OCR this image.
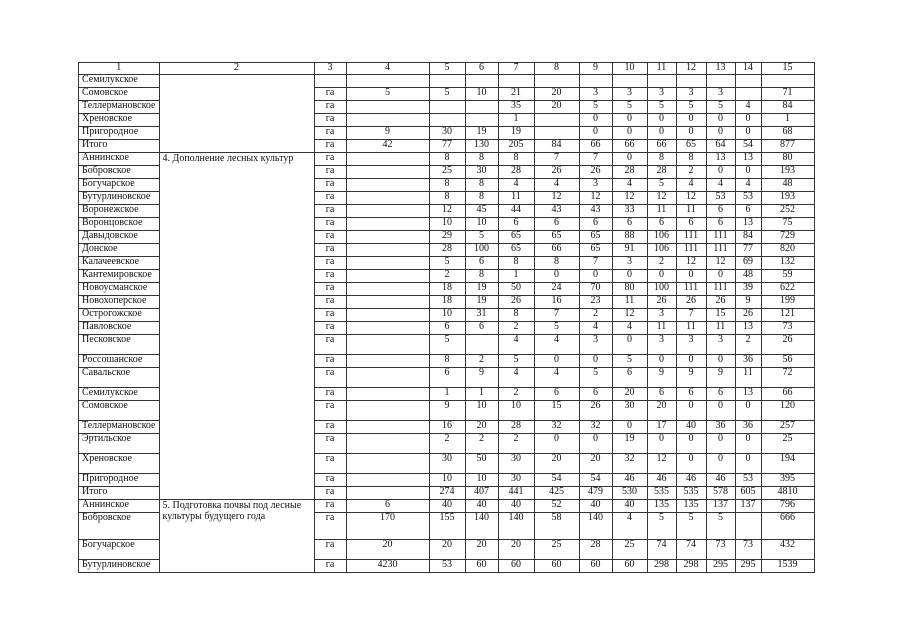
1	2	3	4	5	6	7	8	9	10	11	12	13	14	15
Семилукское														
Сомовское		га	5	5	10	21	20	3	3	3	3	3		71
Теллермановское		га				35	20	5	5	5	5	5	4	84
Хреновское		га				1		0	0	0	0	0	0	1
Пригородное		га	9	30	19	19		0	0	0	0	0	0	68
Итого		га	42	77	130	205	84	66	66	66	65	64	54	877
Аннинское	4. Дополнение лесных культур	га		8	8	8	7	7	0	8	8	13	13	80
Бобровское		га		25	30	28	26	26	28	28	2	0	0	193
Богучарское		га		8	8	4	4	3	4	5	4	4	4	48
Бутурлиновское		га		8	8	11	12	12	12	12	12	53	53	193
Воронежское		га		12	45	44	43	43	33	11	11	6	6	252
Воронцовское		га		10	10	6	6	6	6	6	6	6	13	75
Давыдовское		га		29	5	65	65	65	88	106	111	111	84	729
Донское		га		28	100	65	66	65	91	106	111	111	77	820
Калачеевское		га		5	6	8	8	7	3	2	12	12	69	132
Кантемировское		га		2	8	1	0	0	0	0	0	0	48	59
Новоусманское		га		18	19	50	24	70	80	100	111	111	39	622
Новохоперское		га		18	19	26	16	23	11	26	26	26	9	199
Острогожское		га		10	31	8	7	2	12	3	7	15	26	121
Павловское		га		6	6	2	5	4	4	11	11	11	13	73
Песковское		га		5		4	4	3	0	3	3	3	2	26
Россошанское		га		8	2	5	0	0	5	0	0	0	36	56
Савальское		га		6	9	4	4	5	6	9	9	9	11	72
Семилукское		га		1	1	2	6	6	20	6	6	6	13	66
Сомовское		га		9	10	10	15	26	30	20	0	0	0	120
Теллермановское		га		16	20	28	32	32	0	17	40	36	36	257
Эртильское		га		2	2	2	0	0	19	0	0	0	0	25
Хреновское		га		30	50	30	20	20	32	12	0	0	0	194
Пригородное		га		10	10	30	54	54	46	46	46	46	53	395
Итого		га		274	407	441	425	479	530	535	535	578	605	4810
Аннинское	5. Подготовка почвы под лесные культуры будущего года	га	6	40	40	40	52	40	40	135	135	137	137	796
Бобровское		га	170	155	140	140	58	140	4	5	5	5		666
Богучарское		га	20	20	20	20	25	28	25	74	74	73	73	432
Бутурлиновское		га	4230	53	60	60	60	60	60	298	298	295	295	1539
